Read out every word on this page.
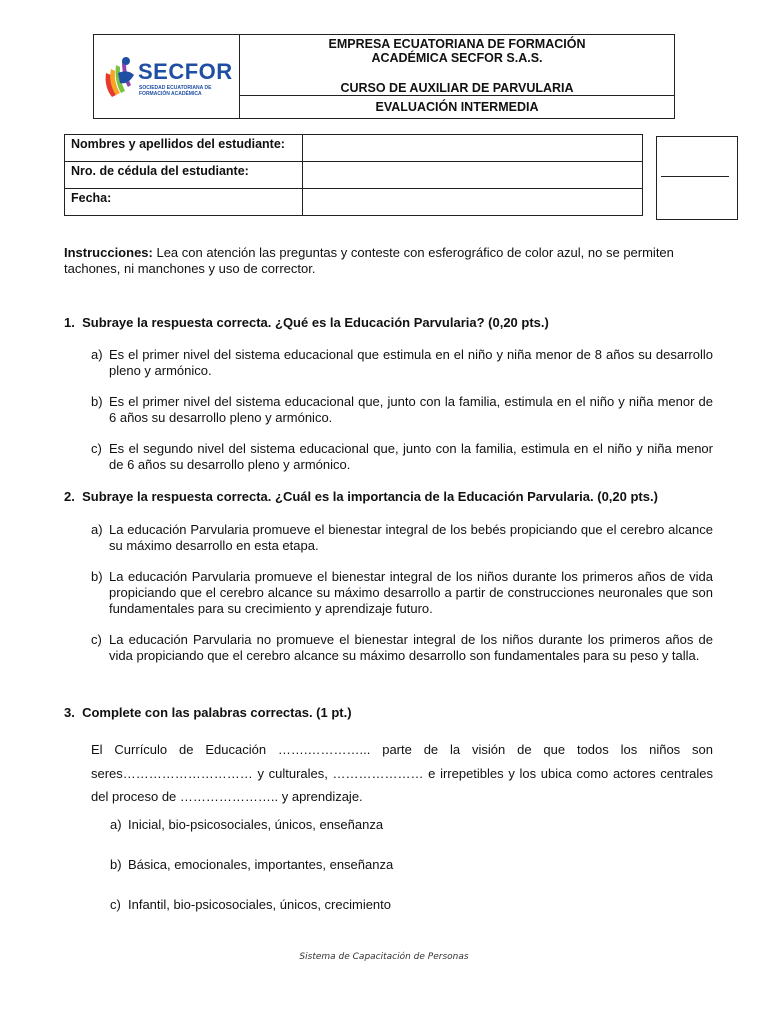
SECFOR
SOCIEDAD ECUATORIANA DE
FORMACIÓN ACADÉMICA
EMPRESA ECUATORIANA DE FORMACIÓN
ACADÉMICA SECFOR S.A.S.
CURSO DE AUXILIAR DE PARVULARIA
EVALUACIÓN INTERMEDIA
Nombres y apellidos del estudiante:	
Nro. de cédula del estudiante:	
Fecha:	
Instrucciones: Lea con atención las preguntas y conteste con esferográfico de color azul, no se permiten tachones, ni manchones y uso de corrector.
1. Subraye la respuesta correcta. ¿Qué es la Educación Parvularia? (0,20 pts.)
a) Es el primer nivel del sistema educacional que estimula en el niño y niña menor de 8 años su desarrollo pleno y armónico.
b) Es el primer nivel del sistema educacional que, junto con la familia, estimula en el niño y niña menor de 6 años su desarrollo pleno y armónico.
c) Es el segundo nivel del sistema educacional que, junto con la familia, estimula en el niño y niña menor de 6 años su desarrollo pleno y armónico.
2. Subraye la respuesta correcta. ¿Cuál es la importancia de la Educación Parvularia. (0,20 pts.)
a) La educación Parvularia promueve el bienestar integral de los bebés propiciando que el cerebro alcance su máximo desarrollo en esta etapa.
b) La educación Parvularia promueve el bienestar integral de los niños durante los primeros años de vida propiciando que el cerebro alcance su máximo desarrollo a partir de construcciones neuronales que son fundamentales para su crecimiento y aprendizaje futuro.
c) La educación Parvularia no promueve el bienestar integral de los niños durante los primeros años de vida propiciando que el cerebro alcance su máximo desarrollo son fundamentales para su peso y talla.
3. Complete con las palabras correctas. (1 pt.)
El Currículo de Educación …….…………... parte de la visión de que todos los niños son seres………………………… y culturales, ………………… e irrepetibles y los ubica como actores centrales del proceso de ………………….. y aprendizaje.
a) Inicial, bio-psicosociales, únicos, enseñanza
b) Básica, emocionales, importantes, enseñanza
c) Infantil, bio-psicosociales, únicos, crecimiento
Sistema de Capacitación de Personas
